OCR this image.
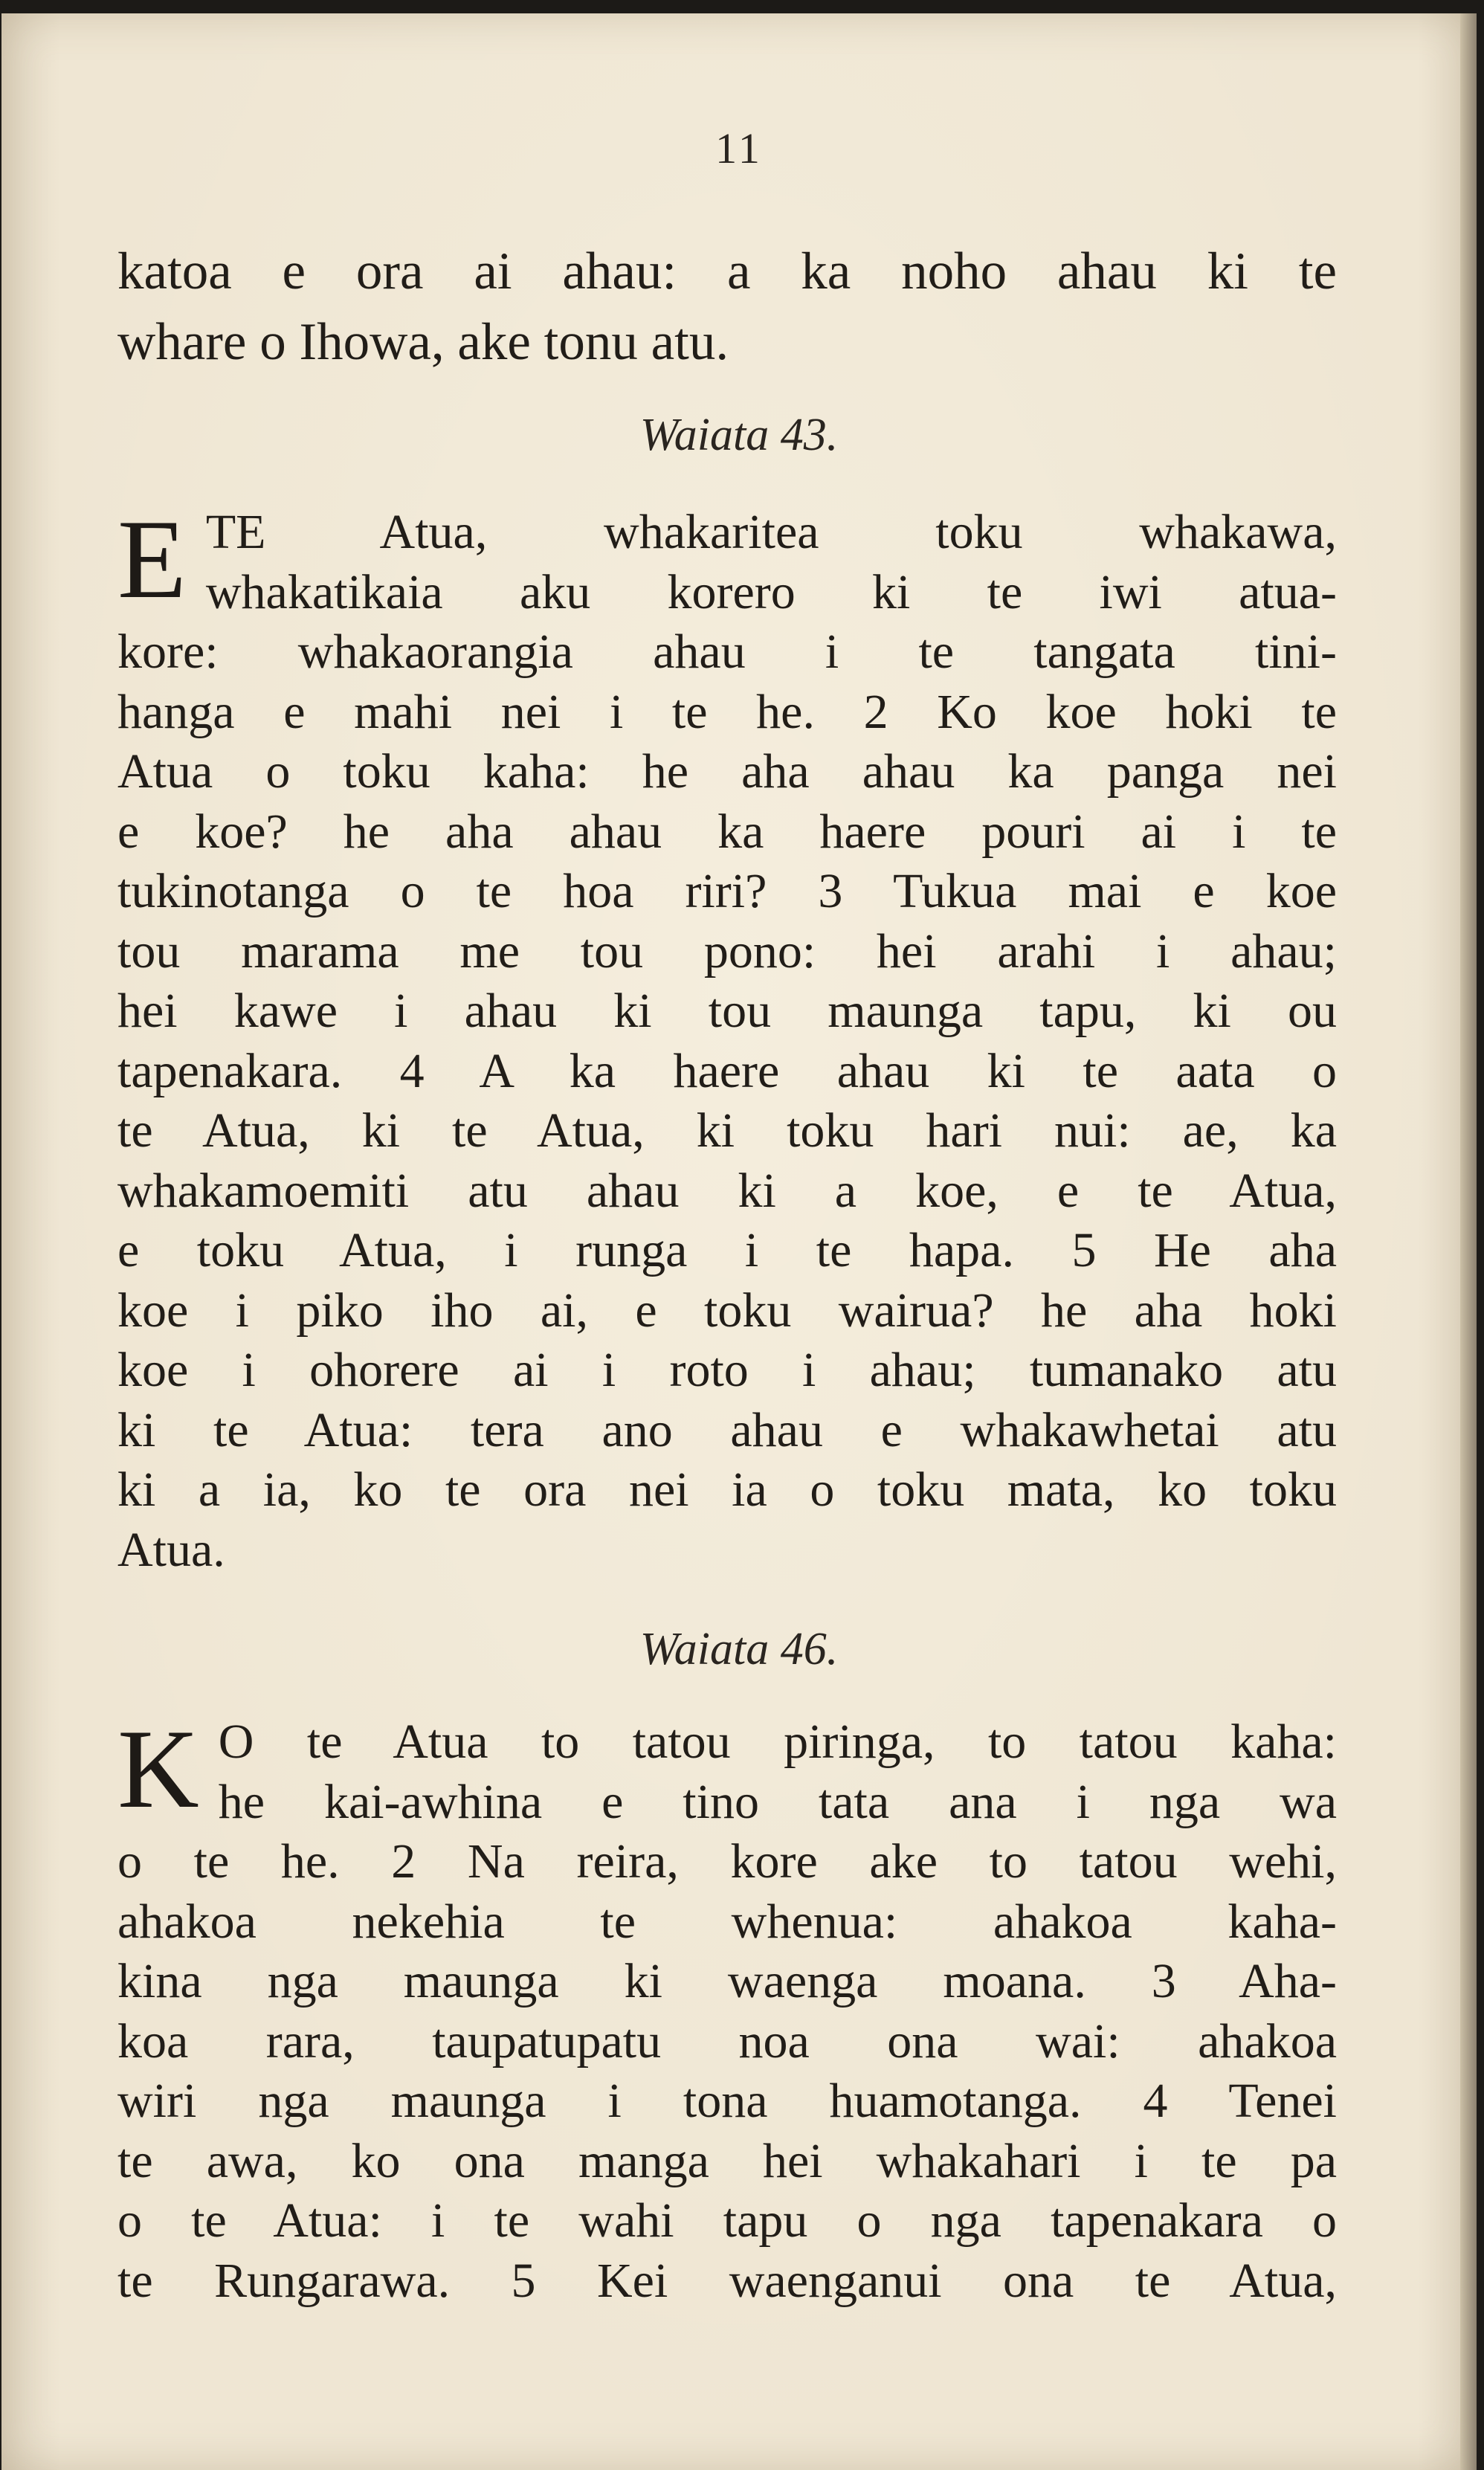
11
katoa e ora ai ahau: a ka noho ahau ki te
whare o Ihowa, ake tonu atu.
Waiata 43.
E TE Atua, whakaritea toku whakawa,
whakatikaia aku korero ki te iwi atua-
kore: whakaorangia ahau i te tangata tini-
hanga e mahi nei i te he. 2 Ko koe hoki te
Atua o toku kaha: he aha ahau ka panga nei
e koe? he aha ahau ka haere pouri ai i te
tukinotanga o te hoa riri? 3 Tukua mai e koe
tou marama me tou pono: hei arahi i ahau;
hei kawe i ahau ki tou maunga tapu, ki ou
tapenakara. 4 A ka haere ahau ki te aata o
te Atua, ki te Atua, ki toku hari nui: ae, ka
whakamoemiti atu ahau ki a koe, e te Atua,
e toku Atua, i runga i te hapa. 5 He aha
koe i piko iho ai, e toku wairua? he aha hoki
koe i ohorere ai i roto i ahau; tumanako atu
ki te Atua: tera ano ahau e whakawhetai atu
ki a ia, ko te ora nei ia o toku mata, ko toku
Atua.
Waiata 46.
K O te Atua to tatou piringa, to tatou kaha:
he kai-awhina e tino tata ana i nga wa
o te he. 2 Na reira, kore ake to tatou wehi,
ahakoa nekehia te whenua: ahakoa kaha-
kina nga maunga ki waenga moana. 3 Aha-
koa rara, taupatupatu noa ona wai: ahakoa
wiri nga maunga i tona huamotanga. 4 Tenei
te awa, ko ona manga hei whakahari i te pa
o te Atua: i te wahi tapu o nga tapenakara o
te Rungarawa. 5 Kei waenganui ona te Atua,
